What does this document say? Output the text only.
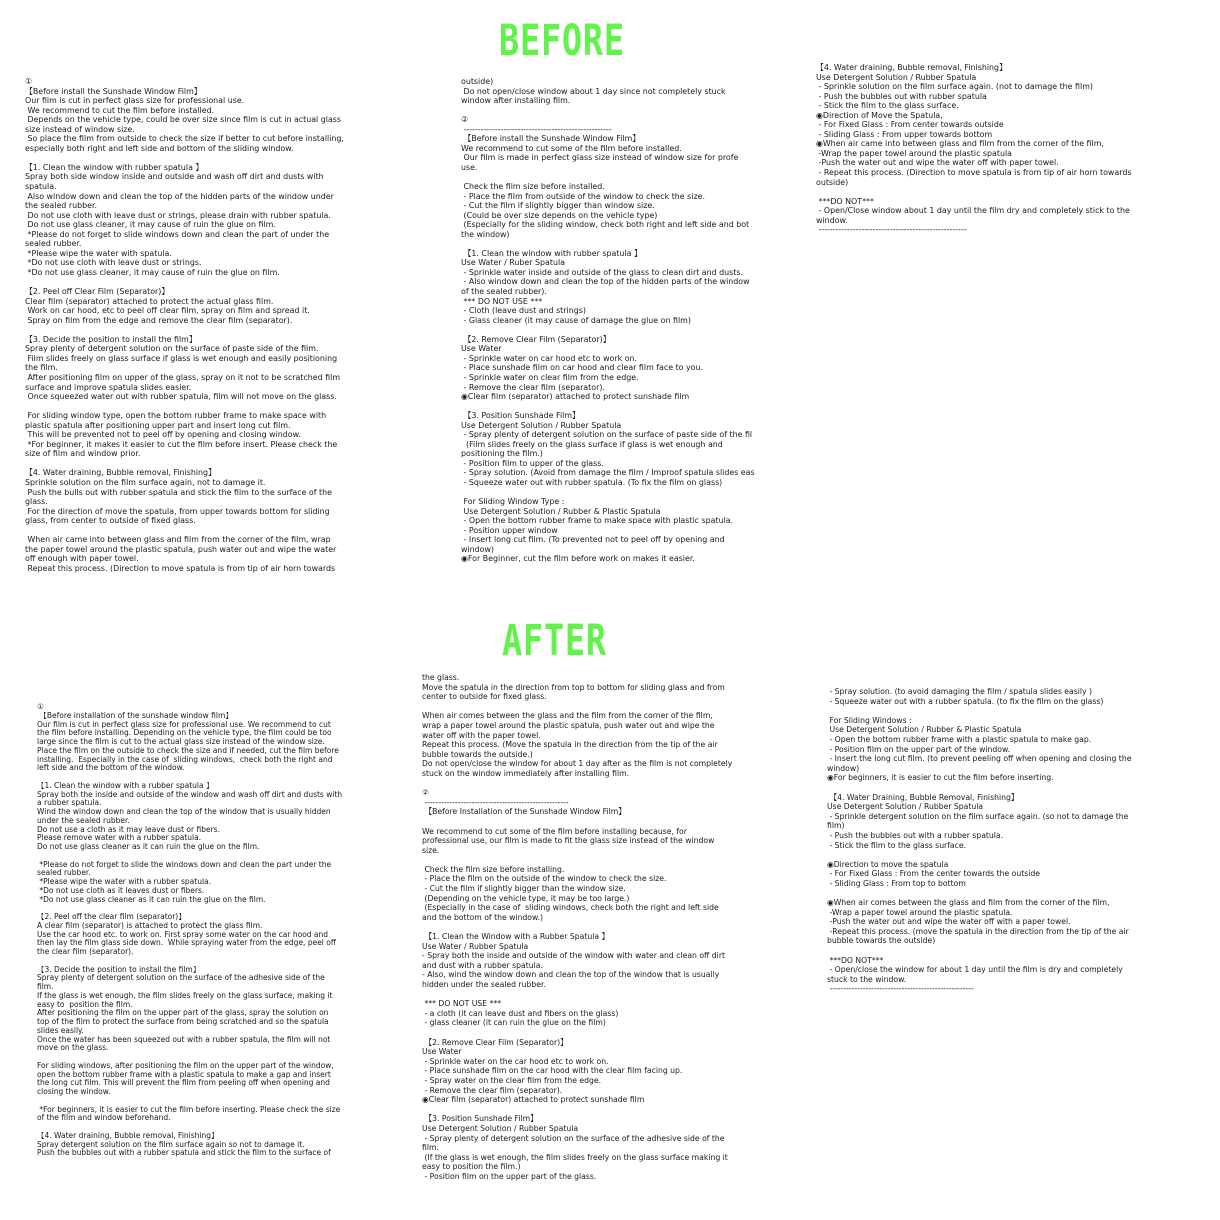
BEFORE
AFTER
①
【Before install the Sunshade Window Film】
Our film is cut in perfect glass size for professional use.
We recommend to cut the film before installed.
Depends on the vehicle type, could be over size since film is cut in actual glass
size instead of window size.
So place the film from outside to check the size if better to cut before installing,
especially both right and left side and bottom of the sliding window.
【1. Clean the window with rubber spatula 】
Spray both side window inside and outside and wash off dirt and dusts with
spatula.
Also window down and clean the top of the hidden parts of the window under
the sealed rubber.
Do not use cloth with leave dust or strings, please drain with rubber spatula.
Do not use glass cleaner, it may cause of ruin the glue on film.
*Please do not forget to slide windows down and clean the part of under the
sealed rubber.
*Please wipe the water with spatula.
*Do not use cloth with leave dust or strings.
*Do not use glass cleaner, it may cause of ruin the glue on film.
【2. Peel off Clear Film (Separator)】
Clear film (separator) attached to protect the actual glass film.
Work on car hood, etc to peel off clear film, spray on film and spread it.
Spray on film from the edge and remove the clear film (separator).
【3. Decide the position to install the film】
Spray plenty of detergent solution on the surface of paste side of the film.
Film slides freely on glass surface if glass is wet enough and easily positioning
the film.
After positioning film on upper of the glass, spray on it not to be scratched film
surface and improve spatula slides easier.
Once squeezed water out with rubber spatula, film will not move on the glass.
For sliding window type, open the bottom rubber frame to make space with
plastic spatula after positioning upper part and insert long cut film.
This will be prevented not to peel off by opening and closing window.
*For beginner, it makes it easier to cut the film before insert. Please check the
size of film and window prior.
【4. Water draining, Bubble removal, Finishing】
Sprinkle solution on the film surface again, not to damage it.
Push the bulls out with rubber spatula and stick the film to the surface of the
glass.
For the direction of move the spatula, from upper towards bottom for sliding
glass, from center to outside of fixed glass.
When air came into between glass and film from the corner of the film, wrap
the paper towel around the plastic spatula, push water out and wipe the water
off enough with paper towel.
Repeat this process. (Direction to move spatula is from tip of air horn towards
outside)
Do not open/close window about 1 day since not completely stuck
window after installing film.
②
----------------------------------------------------
【Before install the Sunshade Window Film】
We recommend to cut some of the film before installed.
Our film is made in perfect glass size instead of window size for profe
use.
Check the film size before installed.
- Place the film from outside of the window to check the size.
- Cut the film if slightly bigger than window size.
(Could be over size depends on the vehicle type)
(Especially for the sliding window, check both right and left side and bot
the window)
【1. Clean the window with rubber spatula 】
Use Water / Ruber Spatula
- Sprinkle water inside and outside of the glass to clean dirt and dusts.
- Also window down and clean the top of the hidden parts of the window
of the sealed rubber).
*** DO NOT USE ***
- Cloth (leave dust and strings)
- Glass cleaner (it may cause of damage the glue on film)
【2. Remove Clear Film (Separator)】
Use Water
- Sprinkle water on car hood etc to work on.
- Place sunshade film on car hood and clear film face to you.
- Sprinkle water on clear film from the edge.
- Remove the clear film (separator).
◉Clear film (separator) attached to protect sunshade film
【3. Position Sunshade Film】
Use Detergent Solution / Rubber Spatula
- Spray plenty of detergent solution on the surface of paste side of the fil
(Film slides freely on the glass surface if glass is wet enough and
positioning the film.)
- Position film to upper of the glass.
- Spray solution. (Avoid from damage the film / Improof spatula slides eas
- Squeeze water out with rubber spatula. (To fix the film on glass)
For Sliding Window Type :
Use Detergent Solution / Rubber & Plastic Spatula
- Open the bottom rubber frame to make space with plastic spatula.
- Position upper window
- Insert long cut film. (To prevented not to peel off by opening and
window)
◉For Beginner, cut the film before work on makes it easier.
【4. Water draining, Bubble removal, Finishing】
Use Detergent Solution / Rubber Spatula
- Sprinkle solution on the film surface again. (not to damage the film)
- Push the bubbles out with rubber spatula
- Stick the film to the glass surface.
◉Direction of Move the Spatula,
- For Fixed Glass : From center towards outside
- Sliding Glass : From upper towards bottom
◉When air came into between glass and film from the corner of the film,
-Wrap the paper towel around the plastic spatula
-Push the water out and wipe the water off with paper towel.
- Repeat this process. (Direction to move spatula is from tip of air horn towards
outside)
***DO NOT***
- Open/Close window about 1 day until the film dry and completely stick to the
window.
----------------------------------------------------
①
【Before installation of the sunshade window film】
Our film is cut in perfect glass size for professional use. We recommend to cut
the film before installing. Depending on the vehicle type, the film could be too
large since the film is cut to the actual glass size instead of the window size.
Place the film on the outside to check the size and if needed, cut the film before
installing.  Especially in the case of  sliding windows,  check both the right and
left side and the bottom of the window.
【1. Clean the window with a rubber spatula 】
Spray both the inside and outside of the window and wash off dirt and dusts with
a rubber spatula.
Wind the window down and clean the top of the window that is usually hidden
under the sealed rubber.
Do not use a cloth as it may leave dust or fibers.
Please remove water with a rubber spatula.
Do not use glass cleaner as it can ruin the glue on the film.
*Please do not forget to slide the windows down and clean the part under the
sealed rubber.
*Please wipe the water with a rubber spatula.
*Do not use cloth as it leaves dust or fibers.
*Do not use glass cleaner as it can ruin the glue on the film.
【2. Peel off the clear film (separator)】
A clear film (separator) is attached to protect the glass film.
Use the car hood etc. to work on. First spray some water on the car hood and
then lay the film glass side down.  While spraying water from the edge, peel off
the clear film (separator).
【3. Decide the position to install the film】
Spray plenty of detergent solution on the surface of the adhesive side of the
film.
If the glass is wet enough, the film slides freely on the glass surface, making it
easy to  position the film.
After positioning the film on the upper part of the glass, spray the solution on
top of the film to protect the surface from being scratched and so the spatula
slides easily.
Once the water has been squeezed out with a rubber spatula, the film will not
move on the glass.
For sliding windows, after positioning the film on the upper part of the window,
open the bottom rubber frame with a plastic spatula to make a gap and insert
the long cut film. This will prevent the film from peeling off when opening and
closing the window.
*For beginners, it is easier to cut the film before inserting. Please check the size
of the film and window beforehand.
【4. Water draining, Bubble removal, Finishing】
Spray detergent solution on the film surface again so not to damage it.
Push the bubbles out with a rubber spatula and stick the film to the surface of
the glass.
Move the spatula in the direction from top to bottom for sliding glass and from
center to outside for fixed glass.
When air comes between the glass and the film from the corner of the film,
wrap a paper towel around the plastic spatula, push water out and wipe the
water off with the paper towel.
Repeat this process. (Move the spatula in the direction from the tip of the air
bubble towards the outside.)
Do not open/close the window for about 1 day after as the film is not completely
stuck on the window immediately after installing film.
②
----------------------------------------------------
【Before Installation of the Sunshade Window Film】
We recommend to cut some of the film before installing because, for
professional use, our film is made to fit the glass size instead of the window
size.
Check the film size before installing.
- Place the film on the outside of the window to check the size.
- Cut the film if slightly bigger than the window size.
(Depending on the vehicle type, it may be too large.)
(Especially in the case of  sliding windows, check both the right and left side
and the bottom of the window.)
【1. Clean the Window with a Rubber Spatula 】
Use Water / Rubber Spatula
- Spray both the inside and outside of the window with water and clean off dirt
and dust with a rubber spatula.
- Also, wind the window down and clean the top of the window that is usually
hidden under the sealed rubber.
*** DO NOT USE ***
- a cloth (it can leave dust and fibers on the glass)
- glass cleaner (it can ruin the glue on the film)
【2. Remove Clear Film (Separator)】
Use Water
- Sprinkle water on the car hood etc to work on.
- Place sunshade film on the car hood with the clear film facing up.
- Spray water on the clear film from the edge.
- Remove the clear film (separator).
◉Clear film (separator) attached to protect sunshade film
【3. Position Sunshade Film】
Use Detergent Solution / Rubber Spatula
- Spray plenty of detergent solution on the surface of the adhesive side of the
film.
(If the glass is wet enough, the film slides freely on the glass surface making it
easy to position the film.)
- Position film on the upper part of the glass.
- Spray solution. (to avoid damaging the film / spatula slides easily )
- Squeeze water out with a rubber spatula. (to fix the film on the glass)
For Sliding Windows :
Use Detergent Solution / Rubber & Plastic Spatula
- Open the bottom rubber frame with a plastic spatula to make gap.
- Position film on the upper part of the window.
- Insert the long cut film. (to prevent peeling off when opening and closing the
window)
◉For beginners, it is easier to cut the film before inserting.
【4. Water Draining, Bubble Removal, Finishing】
Use Detergent Solution / Rubber Spatula
- Sprinkle detergent solution on the film surface again. (so not to damage the
film)
- Push the bubbles out with a rubber spatula.
- Stick the film to the glass surface.
◉Direction to move the spatula
- For Fixed Glass : From the center towards the outside
- Sliding Glass : From top to bottom
◉When air comes between the glass and film from the corner of the film,
-Wrap a paper towel around the plastic spatula.
-Push the water out and wipe the water off with a paper towel.
-Repeat this process. (move the spatula in the direction from the tip of the air
bubble towards the outside)
***DO NOT***
- Open/close the window for about 1 day until the film is dry and completely
stuck to the window.
----------------------------------------------------
